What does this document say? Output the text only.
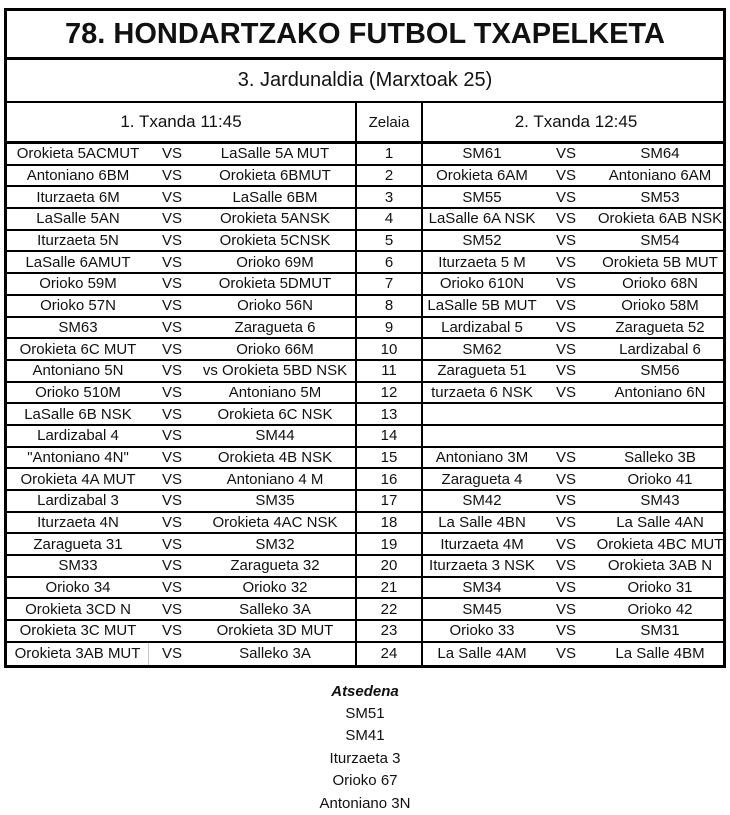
78. HONDARTZAKO FUTBOL TXAPELKETA
3. Jardunaldia (Marxtoak 25)
1. Txanda 11:45	Zelaia	2. Txanda 12:45
Orokieta 5ACMUT	VS	LaSalle 5A MUT	1	SM61	VS	SM64
Antoniano 6BM	VS	Orokieta 6BMUT	2	Orokieta 6AM	VS	Antoniano 6AM
Iturzaeta 6M	VS	LaSalle 6BM	3	SM55	VS	SM53
LaSalle 5AN	VS	Orokieta 5ANSK	4	LaSalle 6A NSK	VS	Orokieta 6AB NSK
Iturzaeta 5N	VS	Orokieta 5CNSK	5	SM52	VS	SM54
LaSalle 6AMUT	VS	Orioko 69M	6	Iturzaeta 5 M	VS	Orokieta 5B MUT
Orioko 59M	VS	Orokieta 5DMUT	7	Orioko 610N	VS	Orioko 68N
Orioko 57N	VS	Orioko 56N	8	LaSalle 5B MUT	VS	Orioko 58M
SM63	VS	Zaragueta 6	9	Lardizabal 5	VS	Zaragueta 52
Orokieta 6C MUT	VS	Orioko 66M	10	SM62	VS	Lardizabal 6
Antoniano 5N	VS	vs Orokieta 5BD NSK	11	Zaragueta 51	VS	SM56
Orioko 510M	VS	Antoniano 5M	12	turzaeta 6 NSK	VS	Antoniano 6N
LaSalle 6B NSK	VS	Orokieta 6C NSK	13
Lardizabal 4	VS	SM44	14
"Antoniano 4N"	VS	Orokieta 4B NSK	15	Antoniano 3M	VS	Salleko 3B
Orokieta 4A MUT	VS	Antoniano 4 M	16	Zaragueta 4	VS	Orioko 41
Lardizabal 3	VS	SM35	17	SM42	VS	SM43
Iturzaeta 4N	VS	Orokieta 4AC NSK	18	La Salle 4BN	VS	La Salle 4AN
Zaragueta 31	VS	SM32	19	Iturzaeta 4M	VS	Orokieta 4BC MUT
SM33	VS	Zaragueta 32	20	Iturzaeta 3 NSK	VS	Orokieta 3AB N
Orioko 34	VS	Orioko 32	21	SM34	VS	Orioko 31
Orokieta 3CD N	VS	Salleko 3A	22	SM45	VS	Orioko 42
Orokieta 3C MUT	VS	Orokieta 3D MUT	23	Orioko 33	VS	SM31
Orokieta 3AB MUT	VS	Salleko 3A	24	La Salle 4AM	VS	La Salle 4BM
Atsedena
SM51
SM41
Iturzaeta 3
Orioko 67
Antoniano 3N
